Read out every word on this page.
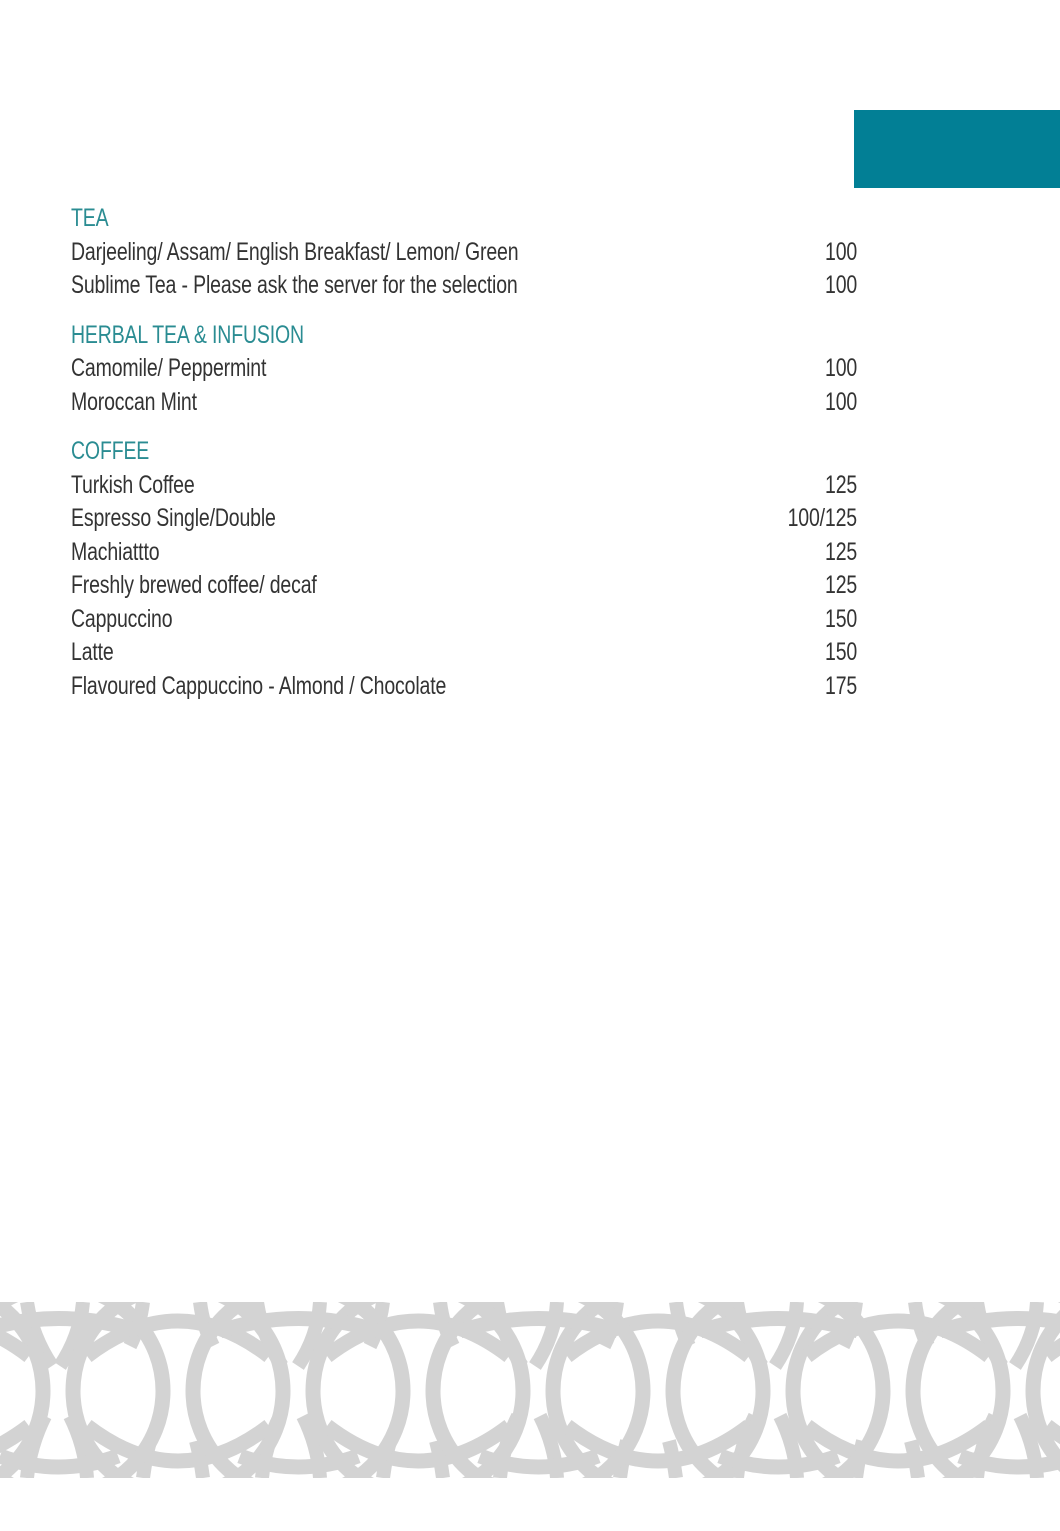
TEA
Darjeeling/ Assam/ English Breakfast/ Lemon/ Green	100
Sublime Tea - Please ask the server for the selection	100
HERBAL TEA & INFUSION
Camomile/ Peppermint	100
Moroccan Mint	100
COFFEE
Turkish Coffee	125
Espresso Single/Double	100/125
Machiattto	125
Freshly brewed coffee/ decaf	125
Cappuccino	150
Latte	150
Flavoured Cappuccino - Almond / Chocolate	175
